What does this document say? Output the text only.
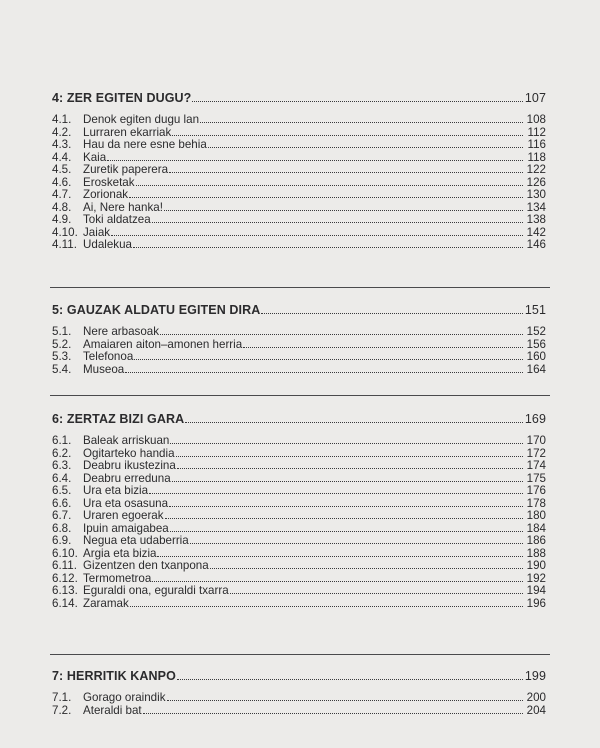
4: ZER EGITEN DUGU?	107
4.1.	Denok egiten dugu lan	108
4.2.	Lurraren ekarriak	112
4.3.	Hau da nere esne behia	116
4.4.	Kaia	118
4.5.	Zuretik paperera	122
4.6.	Erosketak	126
4.7.	Zorionak	130
4.8.	Ai, Nere hanka!	134
4.9.	Toki aldatzea	138
4.10. Jaiak	142
4.11. Udalekua	146
5: GAUZAK ALDATU EGITEN DIRA	151
5.1.	Nere arbasoak	152
5.2.	Amaiaren aiton–amonen herria	156
5.3.	Telefonoa	160
5.4.	Museoa	164
6: ZERTAZ BIZI GARA	169
6.1.	Baleak arriskuan	170
6.2.	Ogitarteko handia	172
6.3.	Deabru ikustezina	174
6.4.	Deabru erreduna	175
6.5.	Ura eta bizia	176
6.6.	Ura eta osasuna	178
6.7.	Uraren egoerak	180
6.8.	Ipuin amaigabea	184
6.9.	Negua eta udaberria	186
6.10. Argia eta bizia	188
6.11. Gizentzen den txanpona	190
6.12. Termometroa	192
6.13. Eguraldi ona, eguraldi txarra	194
6.14. Zaramak	196
7: HERRITIK KANPO	199
7.1.	Gorago oraindik	200
7.2.	Ateraldi bat	204
